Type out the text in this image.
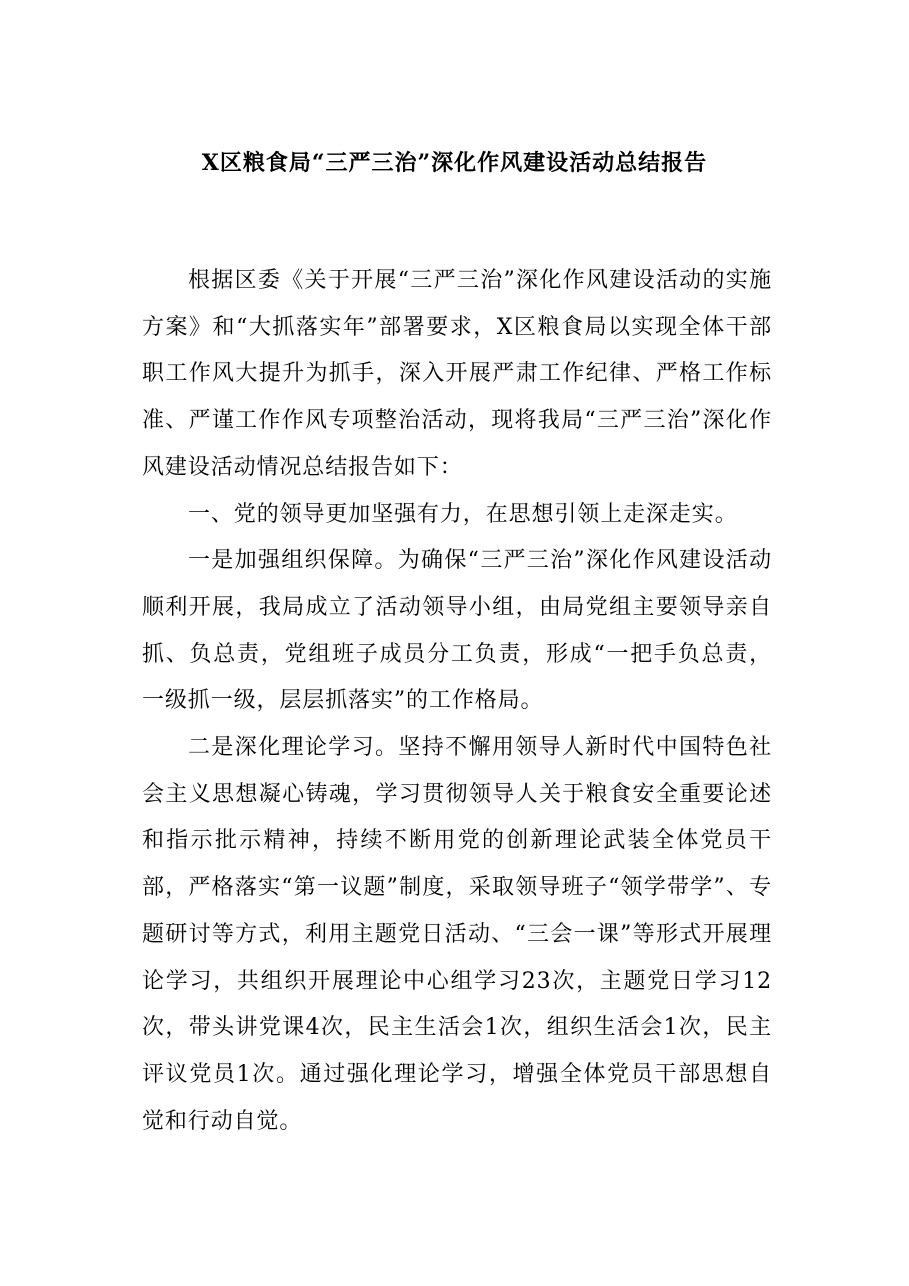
X区粮食局“三严三治”深化作风建设活动总结报告

根据区委《关于开展“三严三治”深化作风建设活动的实施方案》和“大抓落实年”部署要求，X区粮食局以实现全体干部职工作风大提升为抓手，深入开展严肃工作纪律、严格工作标准、严谨工作作风专项整治活动，现将我局“三严三治”深化作风建设活动情况总结报告如下：

一、党的领导更加坚强有力，在思想引领上走深走实。

一是加强组织保障。为确保“三严三治”深化作风建设活动顺利开展，我局成立了活动领导小组，由局党组主要领导亲自抓、负总责，党组班子成员分工负责，形成“一把手负总责，一级抓一级，层层抓落实”的工作格局。

二是深化理论学习。坚持不懈用领导人新时代中国特色社会主义思想凝心铸魂，学习贯彻领导人关于粮食安全重要论述和指示批示精神，持续不断用党的创新理论武装全体党员干部，严格落实“第一议题”制度，采取领导班子“领学带学”、专题研讨等方式，利用主题党日活动、“三会一课”等形式开展理论学习，共组织开展理论中心组学习23次，主题党日学习12次，带头讲党课4次，民主生活会1次，组织生活会1次，民主评议党员1次。通过强化理论学习，增强全体党员干部思想自觉和行动自觉。
